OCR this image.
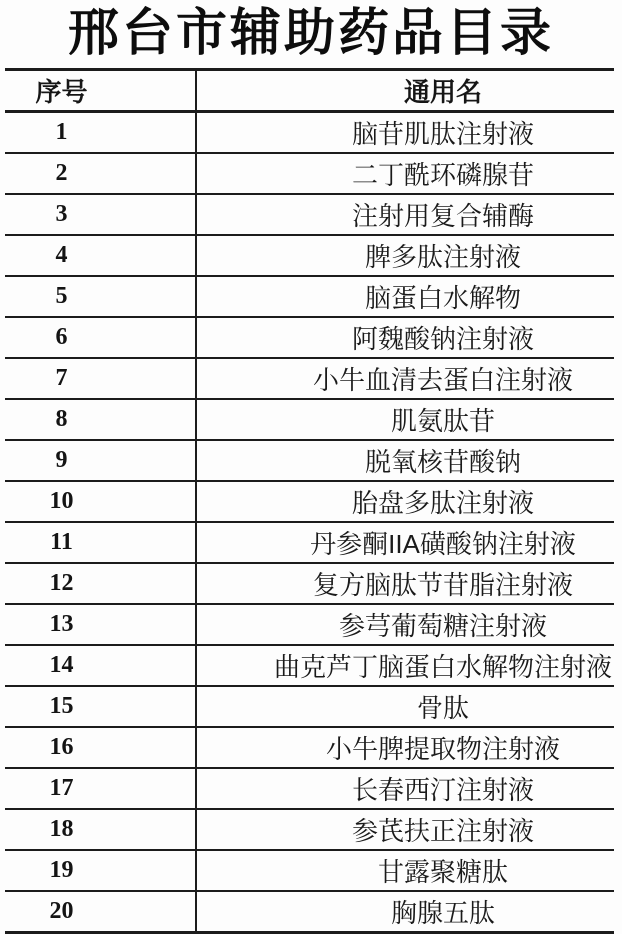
邢台市辅助药品目录
序号	通用名
1	脑苷肌肽注射液
2	二丁酰环磷腺苷
3	注射用复合辅酶
4	脾多肽注射液
5	脑蛋白水解物
6	阿魏酸钠注射液
7	小牛血清去蛋白注射液
8	肌氨肽苷
9	脱氧核苷酸钠
10	胎盘多肽注射液
11	丹参酮IIA磺酸钠注射液
12	复方脑肽节苷脂注射液
13	参芎葡萄糖注射液
14	曲克芦丁脑蛋白水解物注射液
15	骨肽
16	小牛脾提取物注射液
17	长春西汀注射液
18	参芪扶正注射液
19	甘露聚糖肽
20	胸腺五肽
